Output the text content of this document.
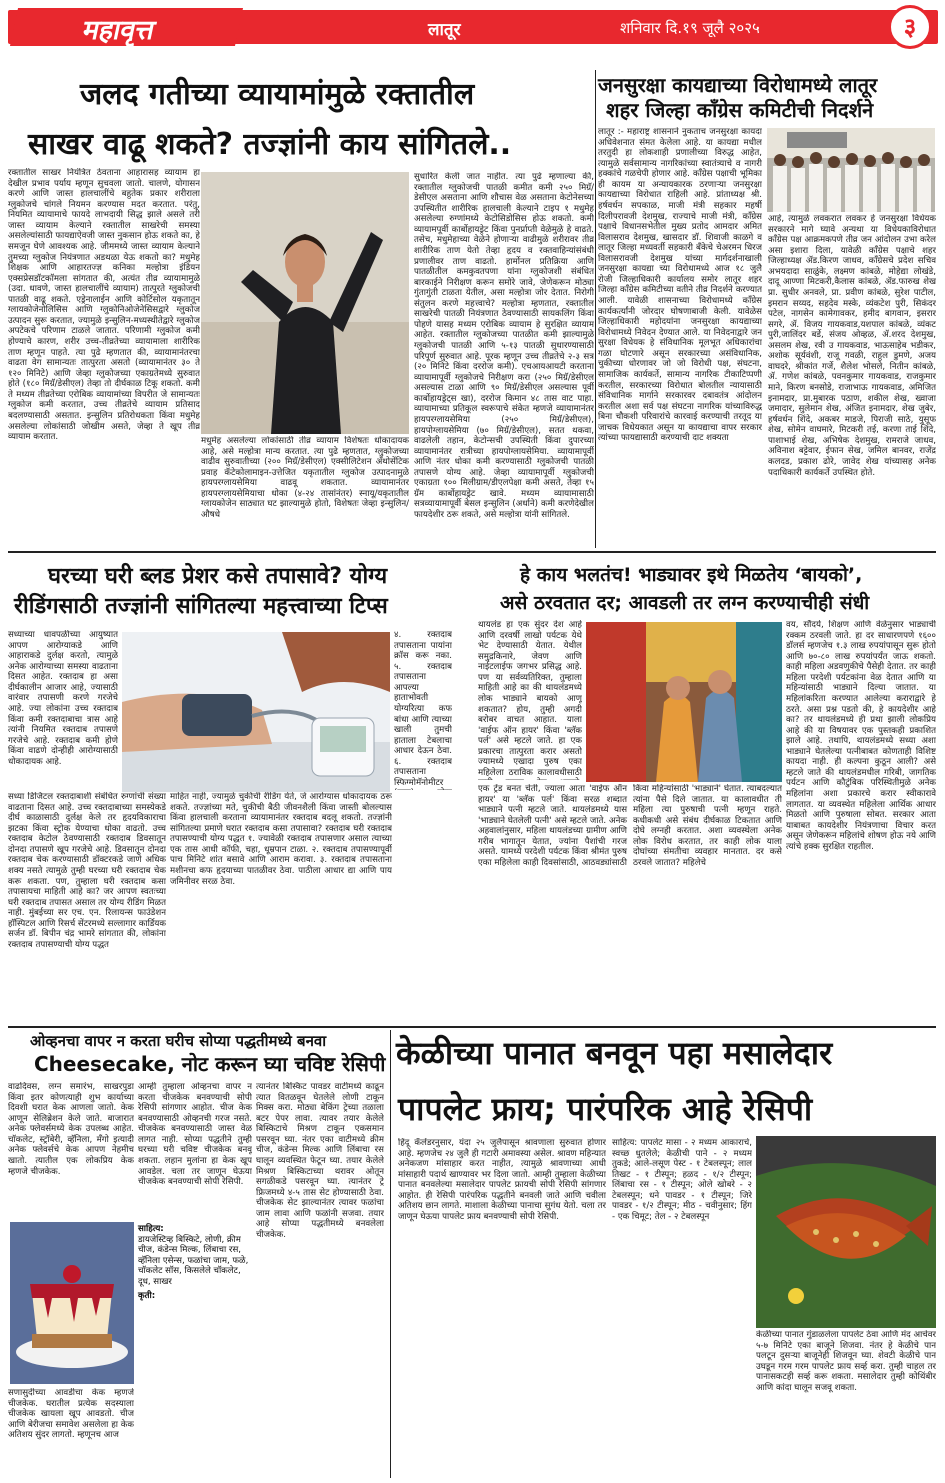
महावृत्त	लातूर	शनिवार दि.१९ जूलै २०२५	३
जलद गतीच्या व्यायामांमुळे रक्तातील
साखर वाढू शकते? तज्ज्ञांनी काय सांगितले..
रक्तातील साखर नियंत्रित ठेवताना आहारासह व्यायाम हा देखील प्रभाव पर्याय म्हणून सुचवला जातो. चालणे, योगासन करणे आणि जास्त हालचालींचे बहुतेक प्रकार शरीराला ग्लुकोजचे चांगले नियमन करण्यास मदत करतात. परंतु, नियमित व्यायामाचे फायदे लाभदायी सिद्ध झाले असले तरी जास्त व्यायाम केल्याने रक्तातील साखरेची समस्या असलेल्यांसाठी फायद्याऐवजी जास्त नुकसान होऊ शकते का, हे समजून घेणे आवश्यक आहे. जीममध्ये जास्त व्यायाम केल्याने तुमच्या ग्लुकोज नियंत्रणात अडथळा येऊ शकतो का? मधुमेह शिक्षक आणि आहारतज्ज्ञ कनिका मल्होत्रा इंडियन एक्सप्रेसडॉटकॉमला सांगतात की, अत्यंत तीव्र व्यायामामुळे (उदा. धावणे, जास्त हालचालींचे व्यायाम) तात्पुरते ग्लुकोजची पातळी वाढू शकते. एड्रेनालाईन आणि कोर्टिसोल यकृतातून ग्लायकोजेनोलिसिस आणि ग्लुकोनिओजेनेसिसद्वारे ग्लुकोज उत्पादन सुरू करतात, ज्यामुळे इन्सुलिन-मध्यस्थीतेद्वारे ग्लुकोज अपटेकचे परिणाम टाळले जातात. परिणामी ग्लुकोज कमी होण्याचे कारण, शरीर उच्च-तीव्रतेच्या व्यायामाला शारीरिक ताण म्हणून पाहते. त्या पुढे म्हणतात की, व्यायामानंतरचा वाढता वेग सामान्यतः तात्पुरता असतो (व्यायामानंतर ३० ते १२० मिनिटे) आणि जेव्हा ग्लुकोजच्या एकाग्रतेमध्ये सुरुवात होते (१८० मिग्रॅ/डेसीएल) तेव्हा तो दीर्घकाळ टिकू शकतो. कमी ते मध्यम तीव्रतेच्या एरोबिक व्यायामांच्या विपरीत जे सामान्यतः ग्लुकोज कमी करतात, उच्च तीव्रतेचे व्यायाम प्रतिसाद बदलण्यासाठी असतात. इन्सुलिन प्रतिरोधकता किंवा मधुमेह असलेल्या लोकांसाठी जोखीम असते, जेव्हा ते खूप तीव्र व्यायाम करतात.	मधुमेह असलेल्या लोकांसाठी तीव्र व्यायाम विशेषतः धोकादायक आहे, असे मल्होत्रा मान्य करतात. त्या पुढे म्हणतात, ग्लुकोजच्या वाढीव सुरुवातीच्या (२०० मिग्रॅ/डेसीएल) एक्सीलिटेशन अँथोसेंटिक प्रवाह कॅटेकोलामाइन-उत्तेजित यकृतातील ग्लुकोज उत्पादनामुळे हायपरग्लायसेमिया वाढवू शकतात. व्यायामानंतर हायपरग्लायसेमियाचा धोका (४-२४ तासांनंतर) स्नायू/यकृतातील ग्लायकोजेन साठ्यात घट झाल्यामुळे होतो, विशेषतः जेव्हा इन्सुलिन/औषधे
सुधारित केली जात नाहीत. त्या पुढे म्हणाल्या की, रक्तातील ग्लुकोजची पातळी कमीत कमी २५० मिग्रॅ/डेसीएल असताना आणि शौचास वेळ असताना केटोनेसच्या उपस्थितीत शारीरिक हालचाली केल्याने टाइप १ मधुमेह असलेल्या रुग्णांमध्ये केटोसिडोसिस होऊ शकतो. कमी व्यायामपूर्वी कार्बोहायड्रेट किंवा पुनर्प्राप्ती वेळेमुळे हे वाढते. तसेच, मधुमेहाच्या वेळेने होणाऱ्या वाढीमुळे शरीरावर तीव्र शारीरिक ताण येतो तेव्हा हृदय व रक्तवाहिन्यांसंबंधी प्रणालीवर ताण वाढतो. हार्मोनल प्रतिक्रिया आणि पातळीतील कमकुवतपणा यांना ग्लुकोजशी संबंधित बारकाईने निरीक्षण करून समोरे जावे, जेणेकरून मोठ्या गुंतागुंती टाळता येतील, असा मल्होत्रा जोर देतात. निरोगी संतुलन करणे महत्त्वाचे? मल्होत्रा म्हणतात, रक्तातील साखरेची पातळी नियंत्रणात ठेवण्यासाठी सायकलिंग किंवा पोहणे यासह मध्यम एरोबिक व्यायाम हे सुरक्षित व्यायाम आहेत. रक्तातील ग्लुकोजच्या पातळीत कमी झाल्यामुळे ग्लुकोजची पातळी आणि ५-१३ पातळी सुधारण्यासाठी परिपूर्ण सुरुवात आहे. पूरक म्हणून उच्च तीव्रतेचे २-३ सत्र (२० मिनिटे किंवा दररोज कमी). एचआयआयटी करताना व्यायामापूर्वी ग्लुकोजचे निरीक्षण करा (२५० मिग्रॅ/डेसीएल असल्यास टाळा आणि ९० मिग्रॅ/डेसीएल असल्यास पूर्वी कार्बोहायड्रेट्स खा), दररोज किमान ४८ तास वाट पाहा. व्यायामाच्या प्रतिकूल स्वरूपाचे संकेत म्हणजे व्यायामानंतर हायपरग्लायसेमिया (२५० मिग्रॅ/डेसीएल), हायपोग्लायसेमिया (७० मिग्रॅ/डेसीएल), सतत थकवा, वाढलेली तहान, केटोन्सची उपस्थिती किंवा दुपारच्या व्यायामानंतर रात्रीच्या हायपोग्लायसेमिया. व्यायामापूर्वी आणि नंतर धोका कमी करण्यासाठी ग्लुकोजची पातळी तपासणे योग्य आहे. जेव्हा व्यायामापूर्वी ग्लुकोजची एकाग्रता १०० मिलीग्राम/डीएलपेक्षा कमी असते, तेव्हा १५ ग्रॅम कार्बोहायड्रेट खावे. मध्यम व्यायामासाठी सत्रव्यायामापूर्वी बेसल इन्सुलिन (अर्धाने) कमी करणेदेखील फायदेशीर ठरू शकते, असे मल्होत्रा यांनी सांगितले.
जनसुरक्षा कायद्याच्या विरोधामध्ये लातूर
शहर जिल्हा कॉंग्रेस कमिटीची निदर्शने
लातूर :- महाराष्ट्र शासनाने नुकताच जनसुरक्षा कायदा अधिवेशनात संमत केलेला आहे. या कायद्या मधील तरतुदी हा लोकशाही प्रणालीच्या विरुद्ध आहेत, त्यामुळे सर्वसामान्य नागरिकांच्या स्वातंत्र्याचे व नागरी हक्कांचे गळचेपी होणार आहे. काँग्रेस पक्षाची भूमिका ही कायम या अन्यायकारक ठरणाऱ्या जनसुरक्षा कायद्याच्या विरोधात राहिली आहे. प्रांताध्यक्ष श्री. हर्षवर्धन सपकाळ, माजी मंत्री सहकार महर्षी दिलीपरावजी देशमुख, राज्याचे माजी मंत्री, काँग्रेस पक्षाचे विधानसभेतील मुख्य प्रतोद आमदार अमित विलासराव देशमुख, खासदार डॉ. शिवाजी काळगे व लातूर जिल्हा मध्यवर्ती सहकारी बँकेचे चेअरमन धिरज विलासरावजी देशमुख यांच्या मार्गदर्शनाखाली जनसुरक्षा कायद्या च्या विरोधामध्ये आज १८ जुलै रोजी जिल्हाधिकारी कार्यालय समोर लातूर शहर जिल्हा काँग्रेस कमिटीच्या वतीने तीव्र निदर्शने करण्यात आली. यावेळी शासनाच्या विरोधामध्ये काँग्रेस कार्यकर्त्यांनी जोरदार घोषणाबाजी केली. यावेळेस जिल्हाधिकारी महोदयांना जनसुरक्षा कायद्याच्या विरोधामध्ये निवेदन देण्यात आले. या निवेदनाद्वारे जन सुरक्षा विधेयक हे संविधानिक मूलभूत अधिकारांचा गळा घोटणारे असून सरकारच्या असंविधानिक, चुकीच्या धोरणावर जो जो विरोधी पक्ष, संघटना, सामाजिक कार्यकर्ते, सामान्य नागरिक टीकाटिप्पणी करतील, सरकारच्या विरोधात बोलतील न्यायासाठी संविधानिक मार्गाने सरकारवर दबावतंत्र आंदोलन करतील अशा सर्व पक्ष संघटना नागरिक यांच्याविरुद्ध बिना चौकशी परिवारांचे कारवाई करण्याची तरतूद या जाचक विधेयकात असून या कायद्याचा वापर सरकार त्यांच्या फायद्यासाठी करण्याची दाट शक्यता
आहे, त्यामुळे लवकरात लवकर हे जनसुरक्षा विधेयक सरकारने मागे घ्यावे अन्यथा या विधेयकाविरोधात काँग्रेस पक्ष आक्रमकपणे तीव्र जन आंदोलन उभा करेल असा इशारा दिला, यावेळी काँग्रेस पक्षाचे शहर जिल्हाध्यक्ष ॲड.किरण जाधव, काँग्रेसचे प्रदेश सचिव अभयदादा साळुंके, लक्ष्मण कांबळे, मोहेद्या लोखंडे, दादू आण्णा मिटकरी,कैलास कांबळे, ॲड.फारुख शेख प्रा. सुधीर अनवले, प्रा. प्रवीण कांबळे, सुरेश पाटील, इमरान सय्यद, सहदेव मस्के, व्यंकटेश पुरी, सिकंदर पटेल, नागसेन कामेगावकर, हमीद बागवान, इसरार सगरे, ॲ. विजय गायकवाड,यशपाल कांबळे, व्यंकट पुरी,जालिंदर बर्डे, संजय ओव्हळ, ॲ.शरद देशमुख, असलम शेख, रवी उ गायकवाड, भाऊसाहेब भडीकर, अशोक सूर्यवंशी, राजू गवळी, राहुल डुमणे, अजय वाघदरे, श्रीकांत गर्जे, शैलेश भोसले, नितीन कांबळे, ॲ. गणेश कांबळे, पवनकुमार गायकवाड, राजकुमार माने, किरण बनसोडे, राजाभाऊ गायकवाड, अमिजित इनामदार, प्रा.मुबारक पठाण, शकील शेख, ख्वाजा जमादार, सुलेमान शेख, अंजित इनामदार, शेख जुबेर, हर्षवर्धन शिंदे, अकबर माडजे, पिराजी साठे, युसूफ शेख, सोमेन वाघमारे, मिटकरी तई, करणा ताई शिंदे, पाशाभाई शेख, अभिषेक देशमुख, रामराजे जाधव, अविनाश बट्टेवार, ईफान सेख, जमिल बानवर, राजेंद्र कलदड, प्रकाश ढोरे, जावेद शेख यांच्यासह अनेक पदाधिकारी कार्यकर्ते उपस्थित होते.
घरच्या घरी ब्लड प्रेशर कसे तपासावे? योग्य
रीडिंगसाठी तज्ज्ञांनी सांगितल्या महत्त्वाच्या टिप्स
सध्याच्या धावपळीच्या आयुष्यात आपण आरोग्याकडे आणि आहाराकडे दुर्लक्ष करतो, त्यामुळे अनेक आरोग्याच्या समस्या वाढताना दिसत आहेत. रक्तदाब हा असा दीर्घकालीन आजार आहे, ज्यासाठी वारंवार तपासणी करणे गरजेचे आहे. ज्या लोकांना उच्च रक्तदाब किंवा कमी रक्तदाबाचा त्रास आहे त्यांनी नियमित रक्तदाब तपासणे गरजेचे आहे. रक्तदाब कमी होणे किंवा वाढणे दोन्हीही आरोग्यासाठी धोकादायक आहे.
४. रक्तदाब तपासताना पायांना क्रॉस करू नका. ५. रक्तदाब तपासताना आपल्या हाताभोवती योग्यरित्या कफ बांधा आणि त्याच्या खाली तुमची हाताला टेबलाचा आधार देऊन ठेवा. ६. रक्तदाब तपासताना स्फिग्मोमॅनोमीटर
सध्या डिजिटल रक्तदाबाशी संबंधित रुग्णांची संख्या वाढताना दिसत आहे. उच्च रक्तदाबाच्या समस्येकडे दीर्घ काळासाठी दुर्लक्ष केले तर हृदयविकाराचा झटका किंवा स्ट्रोक येण्याचा धोका वाढतो. उच्च रक्तदाब केटोल ठेवण्यासाठी रक्तदाब डिवसातून दोनदा तपासणे खूप गरजेचे आहे. डिवसातून दोनदा रक्तदाब चेक करण्यासाठी डॉक्टरकडे जाणे अधिक शक्य नसते त्यामुळे तुम्ही घरच्या घरी रक्तदाब चेक करू शकता. पण, तुम्हाला घरी रक्तदाब कसा तपासायचा माहिती आहे का? जर आपण स्वतःच्या घरी रक्तदाब तपासत असाल तर योग्य रीडिंग मिळत नाही. मुंबईच्या सर एच. एन. रिलायन्स फाउंडेशन हॉस्पिटल आणि रिसर्च सेंटरमध्ये सल्लागार कार्डियक सर्जन डॉ. बिपीन चंद्र भामरे सांगतात की, लोकांना रक्तदाब तपासण्याची योग्य पद्धत
माहित नाही, ज्यामुळे चुकीची रीडिंग येते, जे आरोग्यास धोकादायक ठरू शकते. तज्ज्ञांच्या मते, चुकीची बैठी जीवनशैली किंवा जास्ती बोलल्यास किंवा हालचाली करताना व्यायामानंतर रक्तदाब बदलू शकतो. तज्ज्ञांनी सांगितल्या प्रमाणे घरात रक्तदाब कसा तपासावा? रक्तदाब घरी रक्तदाब तपासण्याची योग्य पद्धत १. ज्यावेळी रक्तदाब तपासणार असाल त्याच्या एक तास आधी कॉफी, चहा, धूम्रपान टाळा. २. रक्तदाब तपासण्यापूर्वी पाच मिनिटे शांत बसावे आणि आराम करावा. ३. रक्तदाब तपासताना मशीनचा कफ हृदयाच्या पातळीवर ठेवा. पाठीला आधार द्या आणि पाय जमिनीवर सरळ ठेवा.
हे काय भलतंच! भाड्यावर इथे मिळतेय ‘बायको’,
असे ठरवतात दर; आवडली तर लग्न करण्याचीही संधी
थायलंड हा एक सुंदर देश आहे आणि दरवर्षी लाखो पर्यटक येथे भेट देण्यासाठी येतात. येथील समुद्रकिनारे, जेवण आणि नाईटलाईफ जगभर प्रसिद्ध आहे. पण या सर्वव्यतिरिक्त, तुम्हाला माहिती आहे का की थायलंडमध्ये लोक भाड्याने बायको आणू शकतात? होय, तुम्ही अगदी बरोबर वाचत आहात. याला 'वाईफ ऑन हायर' किंवा 'ब्लॅक पर्ल' असे म्हटले जाते. हा एक प्रकारचा तात्पुरता करार असतो ज्यामध्ये एखादा पुरुष एका महिलेला ठराविक कालावधीसाठी
वय, सौंदर्य, शिक्षण आणि वेळेनुसार भाड्याची रक्कम ठरवली जाते. हा दर साधारणपणे १६०० डॉलर्स म्हणजेच १.३ लाख रुपयांपासून सुरू होतो आणि ७०-८० लाख रुपयांपर्यंत जाऊ शकतो. काही महिला अडवणुकीचे पैसेही देतात. तर काही महिला परदेशी पर्यटकांना वेळ देतात आणि या महिन्यांसाठी भाड्याने दिल्या जातात. या महिलांकरिता करण्यात आलेल्या कराराद्वारे हे ठरते. असा प्रश्न पडतो की, हे कायदेशीर आहे का? तर थायलंडमध्ये ही प्रथा झाली लोकप्रिय आहे की या विषयावर एक पुस्तकही प्रकाशित झाले आहे. तथापि, थायलंडमध्ये सध्या अशा भाड्याने घेतलेल्या पत्नीबाबत कोणताही विशिष्ट कायदा नाही. ही कल्पना कुठून आली? असे म्हटले जाते की थायलंडमधील गरिबी, जागतिक पर्यटन आणि कौटुंबिक परिस्थितीमुळे अनेक महिलांना अशा प्रकारचे करार स्वीकारावे लागतात. या व्यवस्थेत महिलेला आर्थिक आधार मिळतो आणि पुरुषाला सोबत. सरकार आता याबाबत कायदेशीर नियंत्रणाचा विचार करत असून जेणेकरून महिलांचे शोषण होऊ नये आणि त्यांचे हक्क सुरक्षित राहतील.
एक ट्रेंड बनत चेती, ज्याला आता 'वाईफ ऑन हायर' या 'ब्लॅक पर्ल' किंवा सरळ शब्दात भाड्याने पत्नी म्हटले जाते. थायलंडमध्ये यास 'भाड्याने घेतलेली पत्नी' असे म्हटले जाते. अनेक अहवालांनुसार, महिला थायलंडच्या ग्रामीण आणि गरीब भागातून येतात, ज्यांना पैशांची गरज असते. यामध्ये परदेशी पर्यटक किंवा श्रीमंत पुरुष एका महिलेला काही दिवसांसाठी, आठवड्यांसाठी किंवा महिन्यांसाठी 'भाड्याने' घेतात. त्याबदल्यात त्यांना पैसे दिले जातात. या कालावधीत ती महिला त्या पुरुषाची पत्नी म्हणून राहते. कधीकधी असे संबंध दीर्घकाळ टिकतात आणि दोघे लग्नही करतात. अशा व्यवस्थेला अनेक लोक विरोध करतात, तर काही लोक याला दोघांच्या संमतीचा व्यवहार मानतात. दर कसे ठरवले जातात? महिलेचे
ओव्हनचा वापर न करता घरीच सोप्या पद्धतीमध्ये बनवा
Cheesecake, नोट करून घ्या चविष्ट रेसिपी
वाढदिवस, लग्न समारंभ, साखरपुडा किंवा इतर कोणत्याही शुभ कार्याच्या दिवशी घरात केक आणला जातो. केक आणून सेलिब्रेशन केले जाते. बाजारात अनेक फ्लेवर्समध्ये केक उपलब्ध आहेत. चॉकलेट, स्ट्रॉबेरी, व्हॅनिला, मँगो इत्यादी अनेक फ्लेवर्सचे केक आपण नेहमीच खातो. त्यातील एक लोकप्रिय केक म्हणजे चीजकेक.
सणासुदीच्या आवडीचा केक म्हणजे चीजकेक. घरातील प्रत्येक सदस्याला चीजकेक खायला खूप आवडतो. चीज आणि बेरीजचा समावेश असलेला हा केक अतिशय सुंदर लागतो. म्हणूनच आज
आम्ही तुम्हाला ओव्हनचा वापर न करता चीजकेक बनवण्याची सोपी रेसिपी सांगणार आहोत. चीज केक बनवण्यासाठी ओव्हनची गरज नसते. चीजकेक बनवण्यासाठी जास्त वेळ लागत नाही. सोप्या पद्धतीने तुम्ही घरच्या घरी चविष्ट चीजकेक बनवू शकता. लहान मुलांना हा केक खूप आवडेल. चला तर जाणून घेऊया चीजकेक बनवण्याची सोपी रेसिपी.
साहित्य:
डायजेस्टिव्ह बिस्किटे, लोणी, क्रीम चीज, कंडेन्स मिल्क, लिंबाचा रस, व्हॅनिला एसेन्स, फळांचा जाम, फळे, चॉकलेट सॉस, किसलेले चॉकलेट, दूध, साखर
कृती:
त्यानंतर बिस्किट पावडर वाटीमध्ये काढून त्यात वितळवून घेतलेले लोणी टाकून मिक्स करा. मोठ्या बेकिंग ट्रेच्या तळाला बटर पेपर लावा. त्यावर तयार केलेले बिस्किटाचे मिश्रण टाकून एकसमान पसरवून घ्या. नंतर एका वाटीमध्ये क्रीम चीज, कंडेन्स मिल्क आणि लिंबाचा रस घालून व्यवस्थित फेटून घ्या. तयार केलेले मिश्रण बिस्किटाच्या थरावर ओतून सगळीकडे पसरवून घ्या. त्यानंतर ट्रे फ्रिजमध्ये ४-५ तास सेट होण्यासाठी ठेवा. चीजकेक सेट झाल्यानंतर त्यावर फळांचा जाम लावा आणि फळांनी सजवा. तयार आहे सोप्या पद्धतीमध्ये बनवलेला चीजकेक.
केळीच्या पानात बनवून पहा मसालेदार
पापलेट फ्राय; पारंपरिक आहे रेसिपी
हिंदू कॅलेंडरनुसार, यंदा २५ जुलैपासून श्रावणाला सुरुवात होणार आहे. म्हणजेच २४ जुलै ही गटारी अमावस्या असेल. श्रावण महिन्यात अनेकजण मांसाहार करत नाहीत, त्यामुळे श्रावणाच्या आधी मांसाहारी पदार्थ खाण्यावर भर दिला जातो. आम्ही तुम्हाला केळीच्या पानात बनवलेल्या मसालेदार पापलेट फ्रायची सोपी रेसिपी सांगणार आहोत. ही रेसिपी पारंपरिक पद्धतीने बनवली जाते आणि चवीला अतिशय छान लागते. माशाला केळीच्या पानाचा सुगंध येतो. चला तर जाणून घेऊया पापलेट फ्राय बनवण्याची सोपी रेसिपी.
साहित्य: पापलेट मासा - २ मध्यम आकाराचे, स्वच्छ धुतलेले; केळीची पाने - २ मध्यम तुकडे; आले-लसूण पेस्ट - १ टेबलस्पून; लाल तिखट - १ टीस्पून; हळद - १/२ टीस्पून; लिंबाचा रस - १ टीस्पून; ओले खोबरे - २ टेबलस्पून; धने पावडर - १ टीस्पून; जिरे पावडर - १/२ टीस्पून; मीठ - चवीनुसार; हिंग - एक चिमूट; तेल - २ टेबलस्पून
केळीच्या पानात गुंडाळलेला पापलेट ठेवा आणि मंद आचेवर ५-७ मिनिटे एका बाजूने शिजवा. नंतर हे केळीचे पान पलटून दुसऱ्या बाजूनेही शिजवून घ्या. शेवटी केळीचे पान उघडून गरम गरम पापलेट फ्राय सर्व्ह करा. तुम्ही चाहल तर पानासकटही सर्व्ह करू शकता. मसालेदार तुम्ही कोथिंबीर आणि कांदा घालून सजवू शकता.
